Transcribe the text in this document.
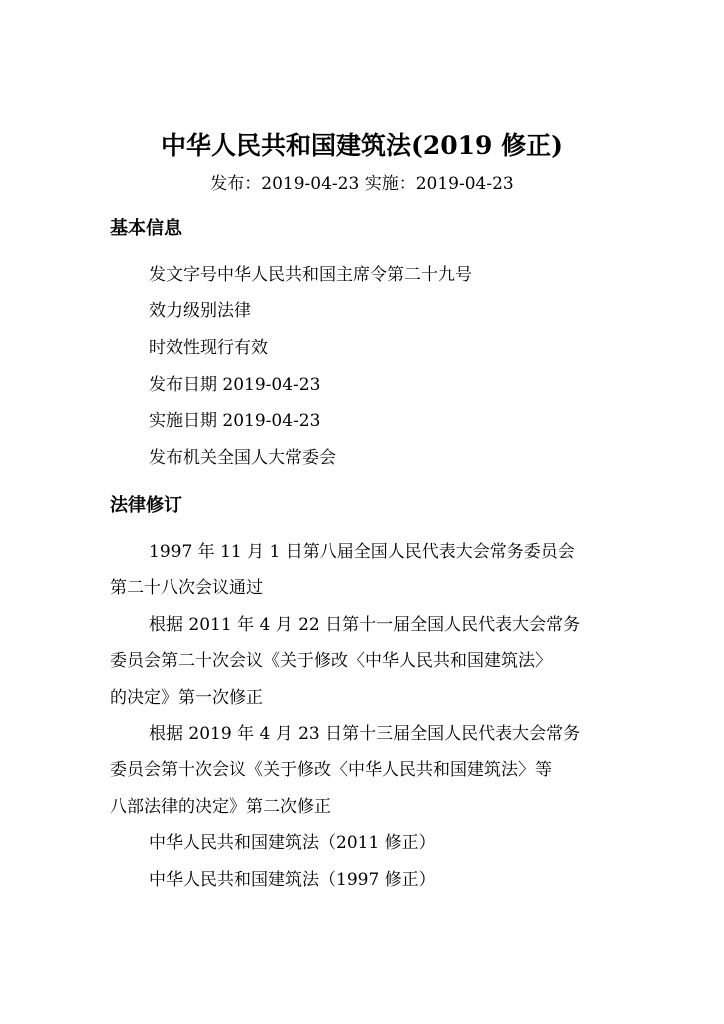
中华人民共和国建筑法(2019 修正)
发布：2019-04-23 实施：2019-04-23
基本信息
发文字号中华人民共和国主席令第二十九号
效力级别法律
时效性现行有效
发布日期 2019-04-23
实施日期 2019-04-23
发布机关全国人大常委会
法律修订
1997 年 11 月 1 日第八届全国人民代表大会常务委员会
第二十八次会议通过
根据 2011 年 4 月 22 日第十一届全国人民代表大会常务
委员会第二十次会议《关于修改〈中华人民共和国建筑法〉
的决定》第一次修正
根据 2019 年 4 月 23 日第十三届全国人民代表大会常务
委员会第十次会议《关于修改〈中华人民共和国建筑法〉等
八部法律的决定》第二次修正
中华人民共和国建筑法（2011 修正）
中华人民共和国建筑法（1997 修正）
